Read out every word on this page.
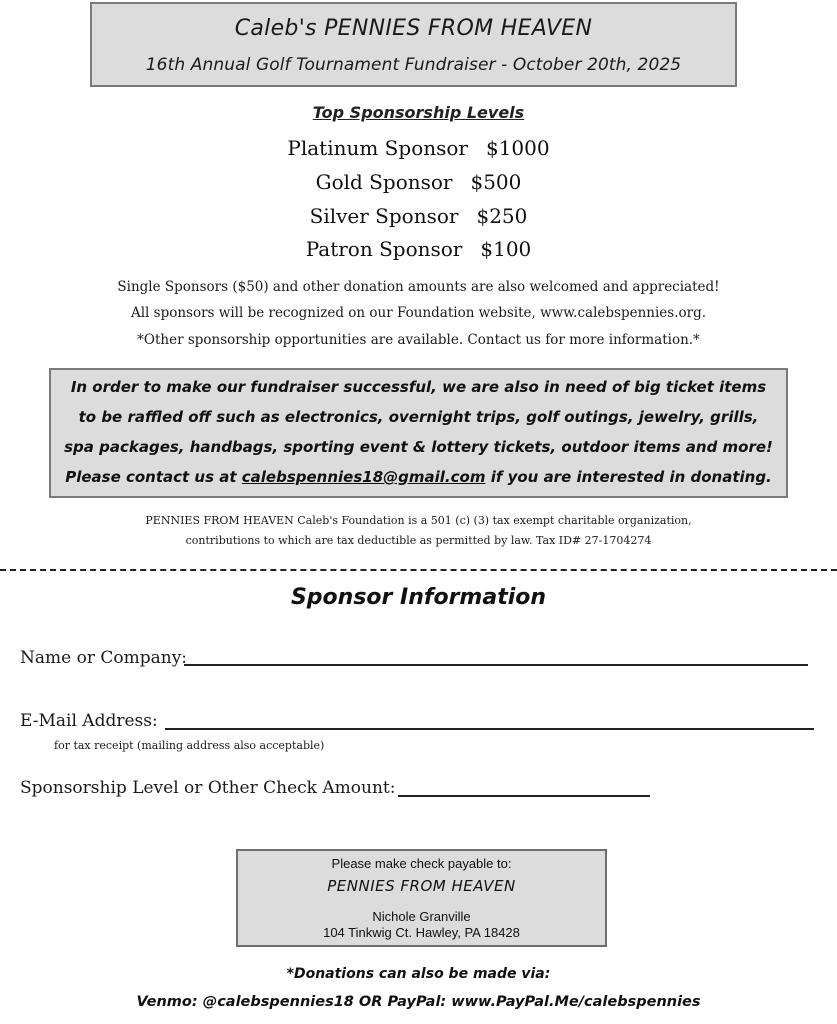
Caleb's PENNIES FROM HEAVEN
16th Annual Golf Tournament Fundraiser - October 20th, 2025
Top Sponsorship Levels
Platinum Sponsor $1000
Gold Sponsor $500
Silver Sponsor $250
Patron Sponsor $100
Single Sponsors ($50) and other donation amounts are also welcomed and appreciated!
All sponsors will be recognized on our Foundation website, www.calebspennies.org.
*Other sponsorship opportunities are available. Contact us for more information.*
In order to make our fundraiser successful, we are also in need of big ticket items
to be raffled off such as electronics, overnight trips, golf outings, jewelry, grills,
spa packages, handbags, sporting event & lottery tickets, outdoor items and more!
Please contact us at calebspennies18@gmail.com if you are interested in donating.
PENNIES FROM HEAVEN Caleb's Foundation is a 501 (c) (3) tax exempt charitable organization,
contributions to which are tax deductible as permitted by law. Tax ID# 27-1704274
Sponsor Information
Name or Company:
E-Mail Address:
for tax receipt (mailing address also acceptable)
Sponsorship Level or Other Check Amount:
Please make check payable to:
PENNIES FROM HEAVEN
Nichole Granville
104 Tinkwig Ct. Hawley, PA 18428
*Donations can also be made via:
Venmo: @calebspennies18 OR PayPal: www.PayPal.Me/calebspennies
